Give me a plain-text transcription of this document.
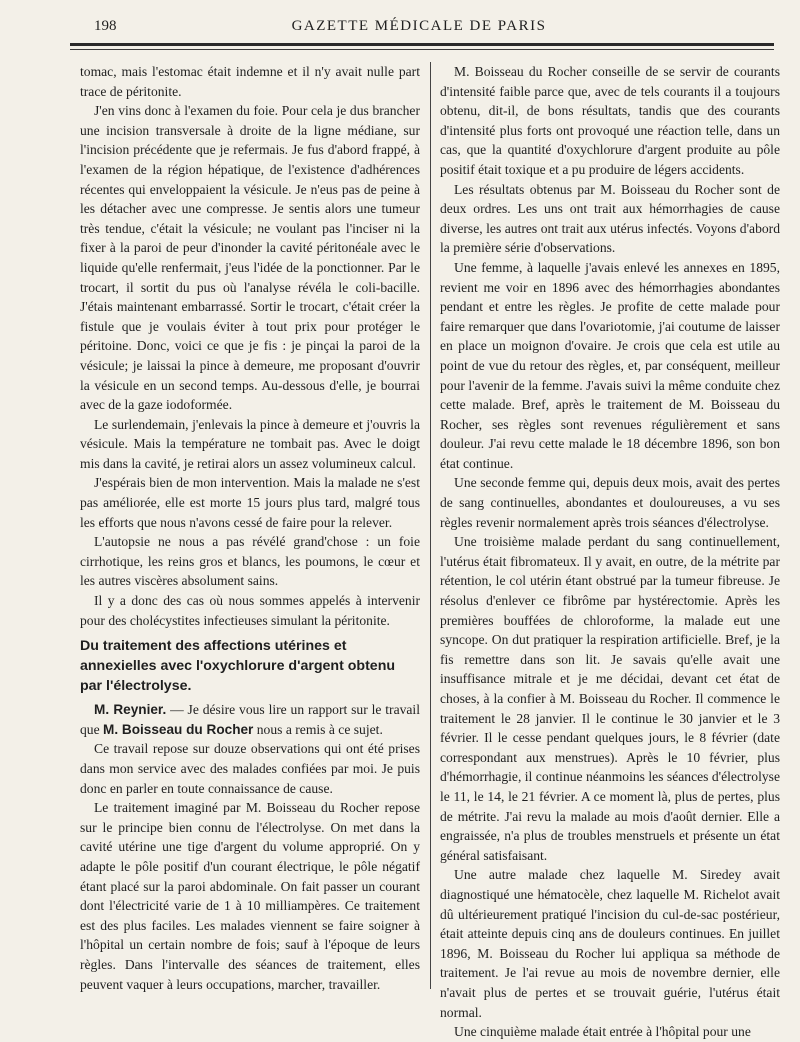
198	GAZETTE MÉDICALE DE PARIS

tomac, mais l'estomac était indemne et il n'y avait nulle part trace de péritonite.

J'en vins donc à l'examen du foie. Pour cela je dus brancher une incision transversale à droite de la ligne médiane, sur l'incision précédente que je refermais. Je fus d'abord frappé, à l'examen de la région hépatique, de l'existence d'adhérences récentes qui enveloppaient la vésicule. Je n'eus pas de peine à les détacher avec une compresse. Je sentis alors une tumeur très tendue, c'était la vésicule; ne voulant pas l'inciser ni la fixer à la paroi de peur d'inonder la cavité péritonéale avec le liquide qu'elle renfermait, j'eus l'idée de la ponctionner. Par le trocart, il sortit du pus où l'analyse révéla le coli-bacille. J'étais maintenant embarrassé. Sortir le trocart, c'était créer la fistule que je voulais éviter à tout prix pour protéger le péritoine. Donc, voici ce que je fis : je pinçai la paroi de la vésicule; je laissai la pince à demeure, me proposant d'ouvrir la vésicule en un second temps. Au-dessous d'elle, je bourrai avec de la gaze iodoformée.

Le surlendemain, j'enlevais la pince à demeure et j'ouvris la vésicule. Mais la température ne tombait pas. Avec le doigt mis dans la cavité, je retirai alors un assez volumineux calcul.

J'espérais bien de mon intervention. Mais la malade ne s'est pas améliorée, elle est morte 15 jours plus tard, malgré tous les efforts que nous n'avons cessé de faire pour la relever.

L'autopsie ne nous a pas révélé grand'chose : un foie cirrhotique, les reins gros et blancs, les poumons, le cœur et les autres viscères absolument sains.

Il y a donc des cas où nous sommes appelés à intervenir pour des cholécystites infectieuses simulant la péritonite.

Du traitement des affections utérines et annexielles avec l'oxychlorure d'argent obtenu par l'électrolyse.

M. Reynier. — Je désire vous lire un rapport sur le travail que M. Boisseau du Rocher nous a remis à ce sujet.

Ce travail repose sur douze observations qui ont été prises dans mon service avec des malades confiées par moi. Je puis donc en parler en toute connaissance de cause.

Le traitement imaginé par M. Boisseau du Rocher repose sur le principe bien connu de l'électrolyse. On met dans la cavité utérine une tige d'argent du volume approprié. On y adapte le pôle positif d'un courant électrique, le pôle négatif étant placé sur la paroi abdominale. On fait passer un courant dont l'électricité varie de 1 à 10 milliampères. Ce traitement est des plus faciles. Les malades viennent se faire soigner à l'hôpital un certain nombre de fois; sauf à l'époque de leurs règles. Dans l'intervalle des séances de traitement, elles peuvent vaquer à leurs occupations, marcher, travailler.

M. Boisseau du Rocher conseille de se servir de courants d'intensité faible parce que, avec de tels courants il a toujours obtenu, dit-il, de bons résultats, tandis que des courants d'intensité plus forts ont provoqué une réaction telle, dans un cas, que la quantité d'oxychlorure d'argent produite au pôle positif était toxique et a pu produire de légers accidents.

Les résultats obtenus par M. Boisseau du Rocher sont de deux ordres. Les uns ont trait aux hémorrhagies de cause diverse, les autres ont trait aux utérus infectés. Voyons d'abord la première série d'observations.

Une femme, à laquelle j'avais enlevé les annexes en 1895, revient me voir en 1896 avec des hémorrhagies abondantes pendant et entre les règles. Je profite de cette malade pour faire remarquer que dans l'ovariotomie, j'ai coutume de laisser en place un moignon d'ovaire. Je crois que cela est utile au point de vue du retour des règles, et, par conséquent, meilleur pour l'avenir de la femme. J'avais suivi la même conduite chez cette malade. Bref, après le traitement de M. Boisseau du Rocher, ses règles sont revenues régulièrement et sans douleur. J'ai revu cette malade le 18 décembre 1896, son bon état continue.

Une seconde femme qui, depuis deux mois, avait des pertes de sang continuelles, abondantes et douloureuses, a vu ses règles revenir normalement après trois séances d'électrolyse.

Une troisième malade perdant du sang continuellement, l'utérus était fibromateux. Il y avait, en outre, de la métrite par rétention, le col utérin étant obstrué par la tumeur fibreuse. Je résolus d'enlever ce fibrôme par hystérectomie. Après les premières bouffées de chloroforme, la malade eut une syncope. On dut pratiquer la respiration artificielle. Bref, je la fis remettre dans son lit. Je savais qu'elle avait une insuffisance mitrale et je me décidai, devant cet état de choses, à la confier à M. Boisseau du Rocher. Il commence le traitement le 28 janvier. Il le continue le 30 janvier et le 3 février. Il le cesse pendant quelques jours, le 8 février (date correspondant aux menstrues). Après le 10 février, plus d'hémorrhagie, il continue néanmoins les séances d'électrolyse le 11, le 14, le 21 février. A ce moment là, plus de pertes, plus de métrite. J'ai revu la malade au mois d'août dernier. Elle a engraissée, n'a plus de troubles menstruels et présente un état général satisfaisant.

Une autre malade chez laquelle M. Siredey avait diagnostiqué une hématocèle, chez laquelle M. Richelot avait dû ultérieurement pratiqué l'incision du cul-de-sac postérieur, était atteinte depuis cinq ans de douleurs continues. En juillet 1896, M. Boisseau du Rocher lui appliqua sa méthode de traitement. Je l'ai revue au mois de novembre dernier, elle n'avait plus de pertes et se trouvait guérie, l'utérus était normal.

Une cinquième malade était entrée à l'hôpital pour une
